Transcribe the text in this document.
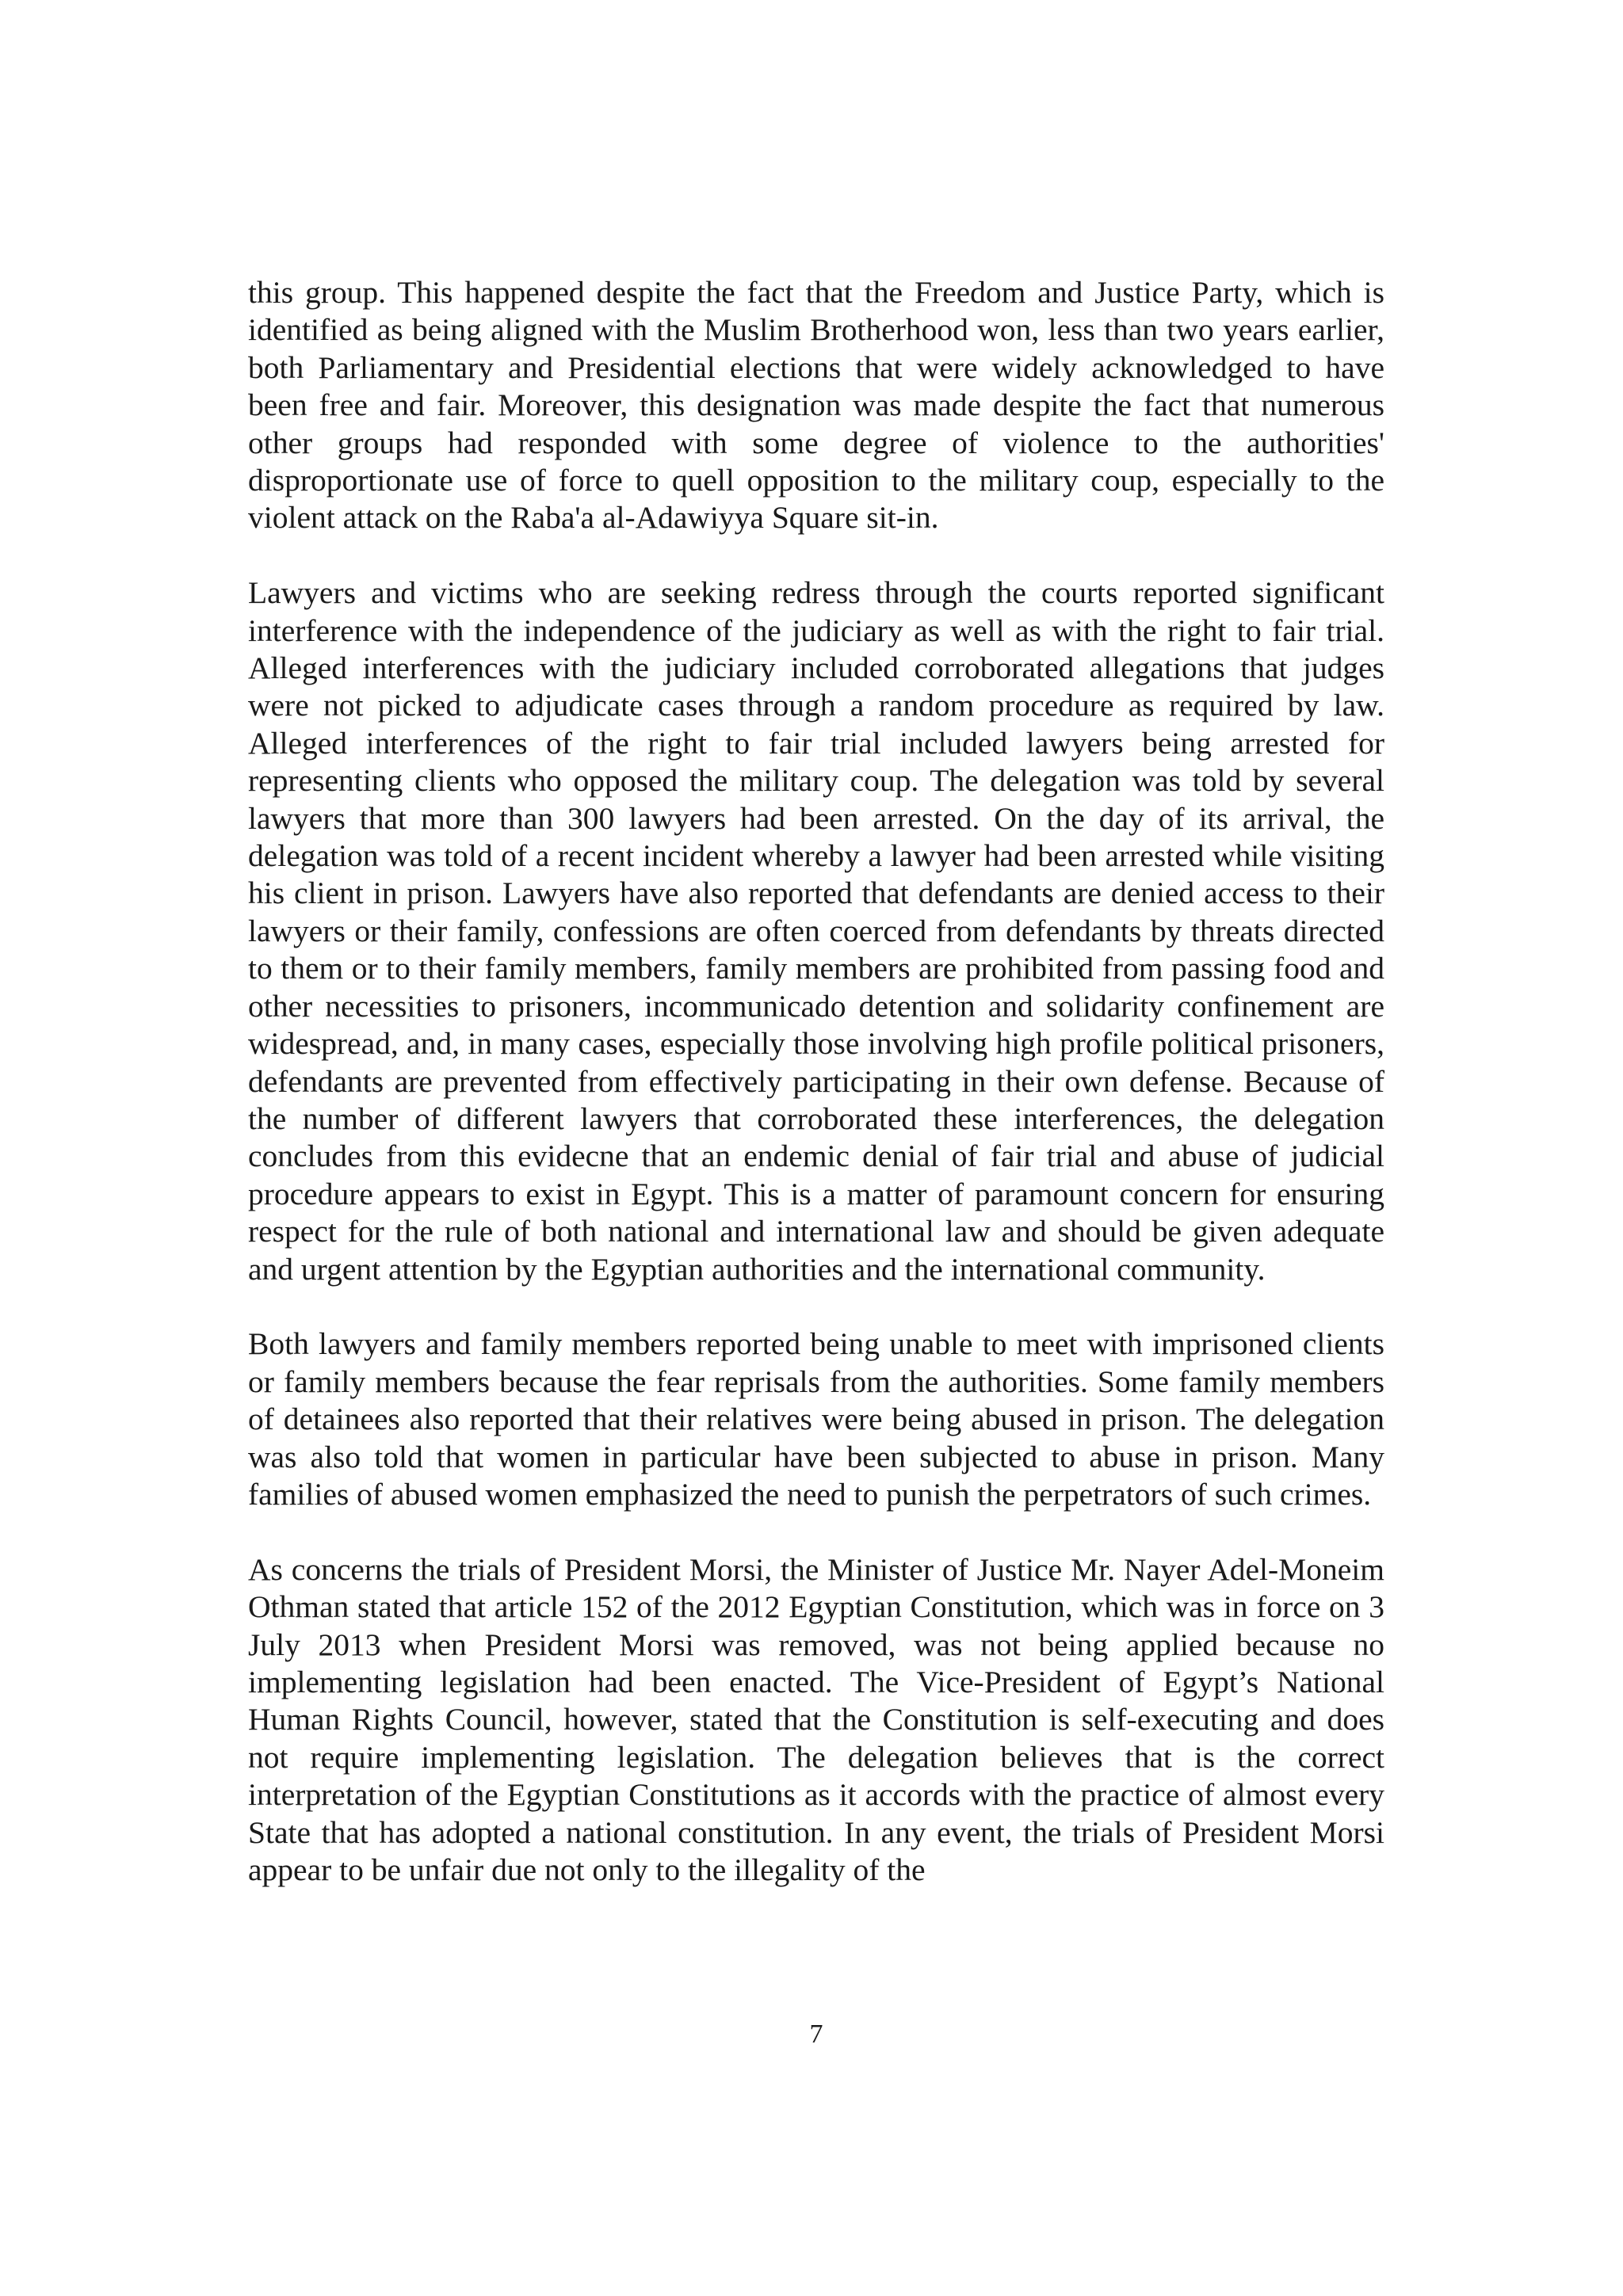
this group. This happened despite the fact that the Freedom and Justice Party, which is identified as being aligned with the Muslim Brotherhood won, less than two years earlier, both Parliamentary and Presidential elections that were widely acknowledged to have been free and fair. Moreover, this designation was made despite the fact that numerous other groups had responded with some degree of violence to the authorities' disproportionate use of force to quell opposition to the military coup, especially to the violent attack on the Raba'a al-Adawiyya Square sit-in.

Lawyers and victims who are seeking redress through the courts reported significant interference with the independence of the judiciary as well as with the right to fair trial. Alleged interferences with the judiciary included corroborated allegations that judges were not picked to adjudicate cases through a random procedure as required by law. Alleged interferences of the right to fair trial included lawyers being arrested for representing clients who opposed the military coup. The delegation was told by several lawyers that more than 300 lawyers had been arrested. On the day of its arrival, the delegation was told of a recent incident whereby a lawyer had been arrested while visiting his client in prison. Lawyers have also reported that defendants are denied access to their lawyers or their family, confessions are often coerced from defendants by threats directed to them or to their family members, family members are prohibited from passing food and other necessities to prisoners, incommunicado detention and solidarity confinement are widespread, and, in many cases, especially those involving high profile political prisoners, defendants are prevented from effectively participating in their own defense. Because of the number of different lawyers that corroborated these interferences, the delegation concludes from this evidecne that an endemic denial of fair trial and abuse of judicial procedure appears to exist in Egypt. This is a matter of paramount concern for ensuring respect for the rule of both national and international law and should be given adequate and urgent attention by the Egyptian authorities and the international community.

Both lawyers and family members reported being unable to meet with imprisoned clients or family members because the fear reprisals from the authorities. Some family members of detainees also reported that their relatives were being abused in prison. The delegation was also told that women in particular have been subjected to abuse in prison. Many families of abused women emphasized the need to punish the perpetrators of such crimes.

As concerns the trials of President Morsi, the Minister of Justice Mr. Nayer Adel-Moneim Othman stated that article 152 of the 2012 Egyptian Constitution, which was in force on 3 July 2013 when President Morsi was removed, was not being applied because no implementing legislation had been enacted. The Vice-President of Egypt’s National Human Rights Council, however, stated that the Constitution is self-executing and does not require implementing legislation. The delegation believes that is the correct interpretation of the Egyptian Constitutions as it accords with the practice of almost every State that has adopted a national constitution. In any event, the trials of President Morsi appear to be unfair due not only to the illegality of the

7
